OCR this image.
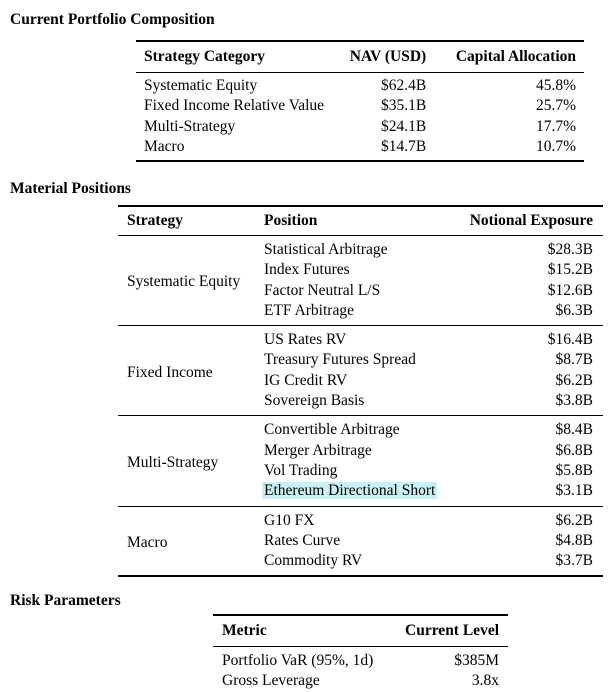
Current Portfolio Composition
Strategy Category	NAV (USD)	Capital Allocation
Systematic Equity	$62.4B	45.8%
Fixed Income Relative Value	$35.1B	25.7%
Multi-Strategy	$24.1B	17.7%
Macro	$14.7B	10.7%
Material Positions
Strategy	Position	Notional Exposure
Systematic Equity	Statistical Arbitrage	$28.3B
	Index Futures	$15.2B
	Factor Neutral L/S	$12.6B
	ETF Arbitrage	$6.3B
Fixed Income	US Rates RV	$16.4B
	Treasury Futures Spread	$8.7B
	IG Credit RV	$6.2B
	Sovereign Basis	$3.8B
Multi-Strategy	Convertible Arbitrage	$8.4B
	Merger Arbitrage	$6.8B
	Vol Trading	$5.8B
	Ethereum Directional Short	$3.1B
Macro	G10 FX	$6.2B
	Rates Curve	$4.8B
	Commodity RV	$3.7B
Risk Parameters
Metric	Current Level
Portfolio VaR (95%, 1d)	$385M
Gross Leverage	3.8x
